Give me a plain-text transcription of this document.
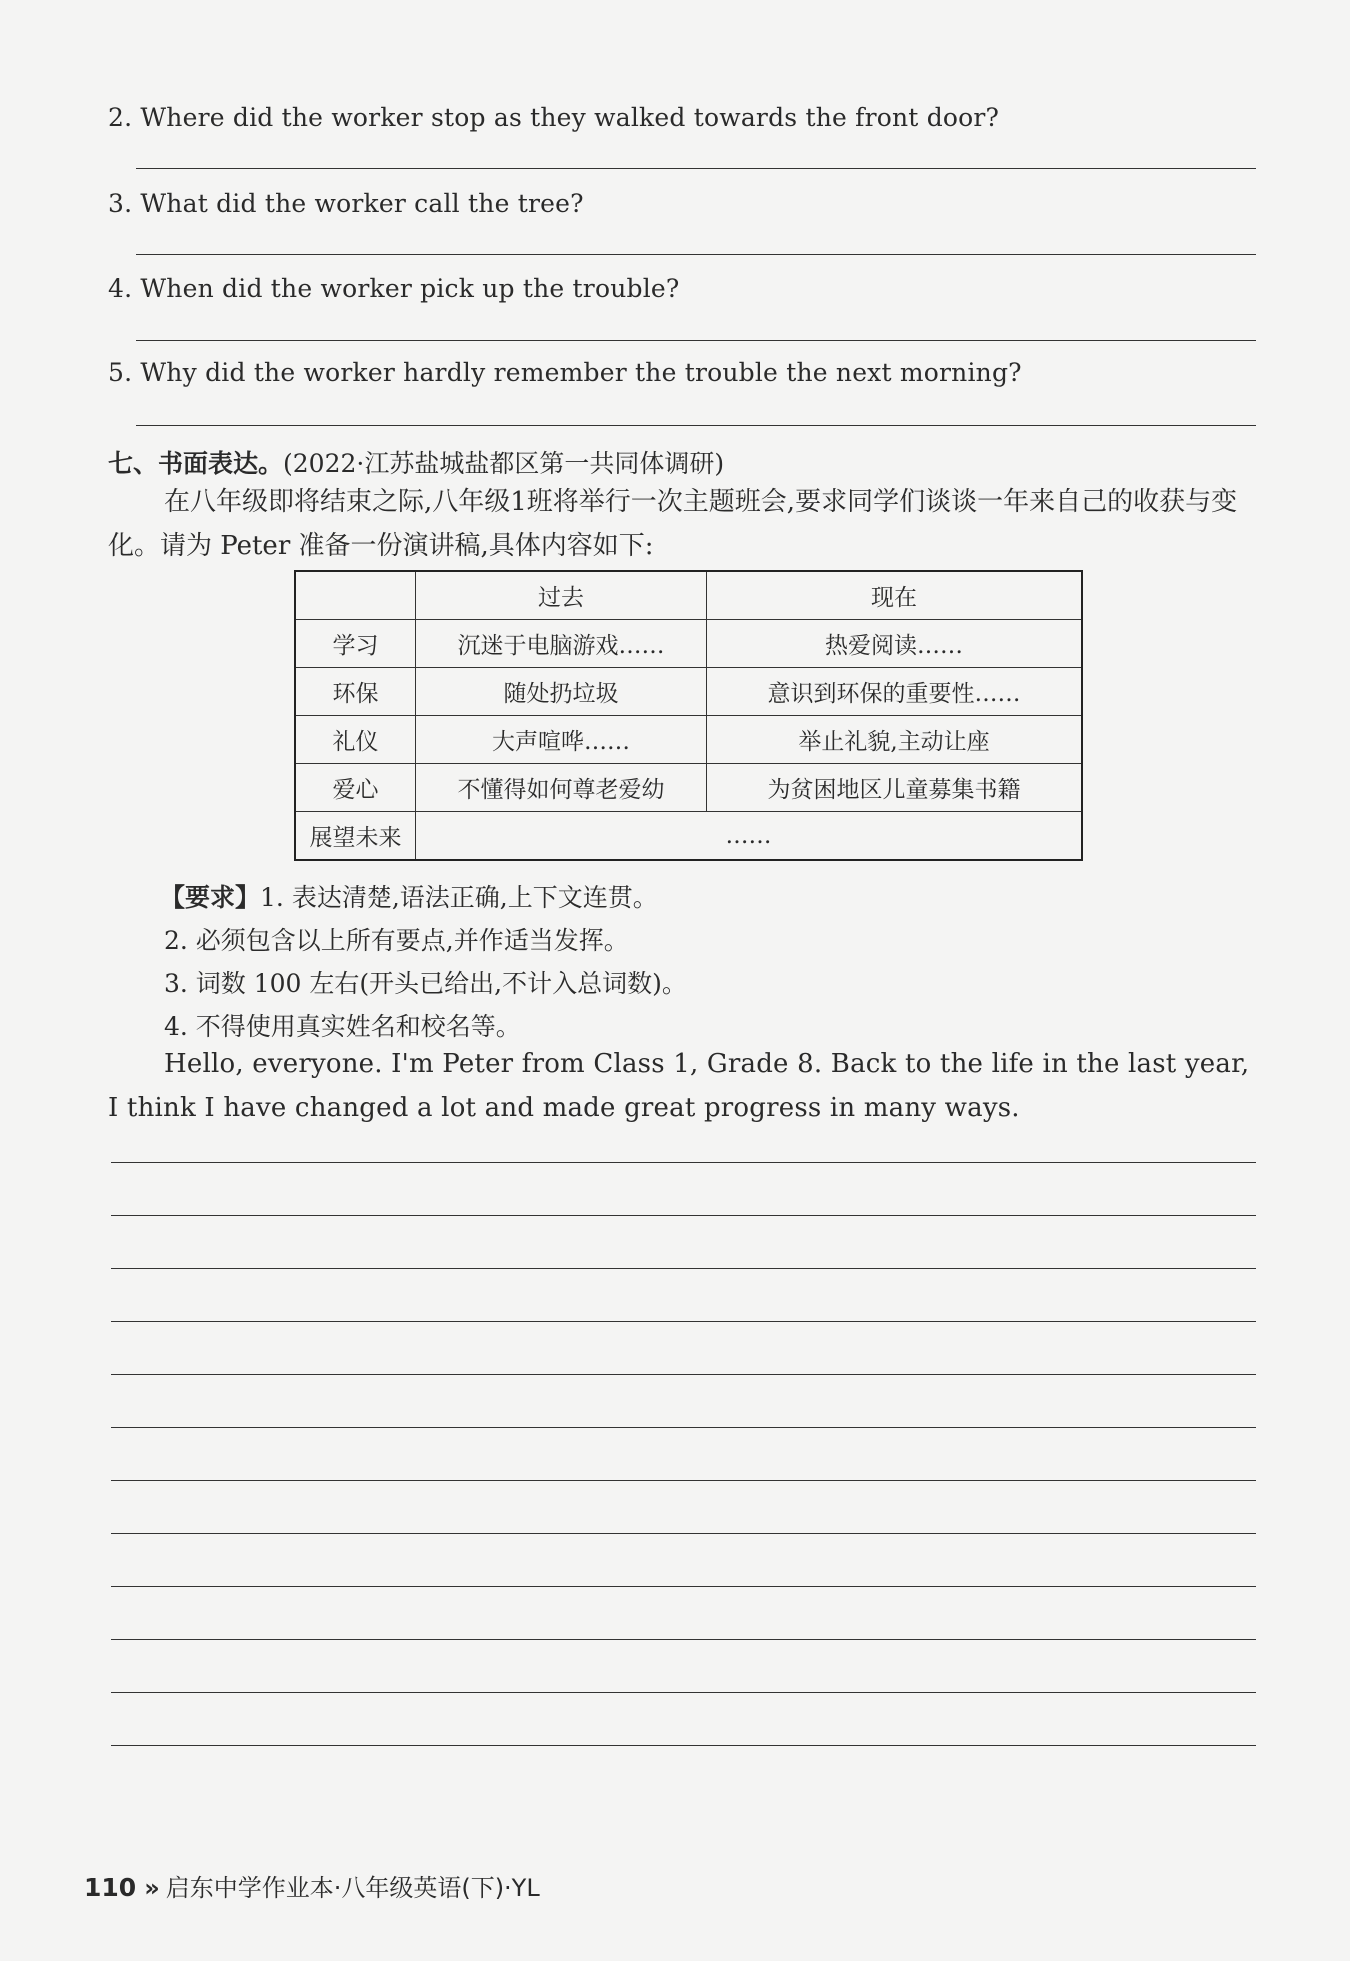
2. Where did the worker stop as they walked towards the front door?
3. What did the worker call the tree?
4. When did the worker pick up the trouble?
5. Why did the worker hardly remember the trouble the next morning?
七、书面表达。(2022·江苏盐城盐都区第一共同体调研)
在八年级即将结束之际,八年级1班将举行一次主题班会,要求同学们谈谈一年来自己的收获与变化。请为 Peter 准备一份演讲稿,具体内容如下:
	过去	现在
学习	沉迷于电脑游戏……	热爱阅读……
环保	随处扔垃圾	意识到环保的重要性……
礼仪	大声喧哗……	举止礼貌,主动让座
爱心	不懂得如何尊老爱幼	为贫困地区儿童募集书籍
展望未来	……	
【要求】1. 表达清楚,语法正确,上下文连贯。
2. 必须包含以上所有要点,并作适当发挥。
3. 词数 100 左右(开头已给出,不计入总词数)。
4. 不得使用真实姓名和校名等。
Hello, everyone. I'm Peter from Class 1, Grade 8. Back to the life in the last year, I think I have changed a lot and made great progress in many ways.
110 » 启东中学作业本·八年级英语(下)·YL
